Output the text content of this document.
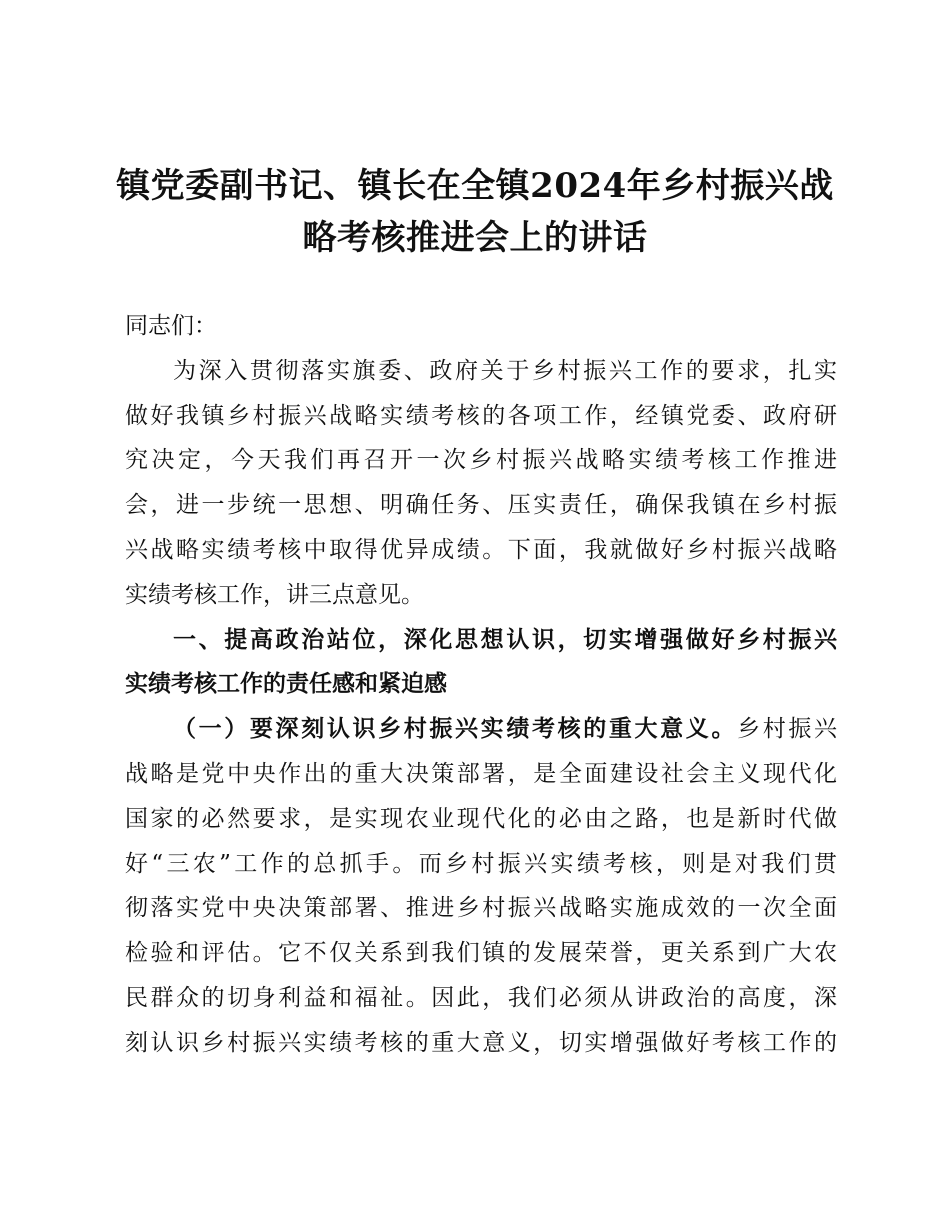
镇党委副书记、镇长在全镇2024年乡村振兴战
略考核推进会上的讲话
同志们：
为深入贯彻落实旗委、政府关于乡村振兴工作的要求，扎实
做好我镇乡村振兴战略实绩考核的各项工作，经镇党委、政府研
究决定，今天我们再召开一次乡村振兴战略实绩考核工作推进
会，进一步统一思想、明确任务、压实责任，确保我镇在乡村振
兴战略实绩考核中取得优异成绩。下面，我就做好乡村振兴战略
实绩考核工作，讲三点意见。
一、提高政治站位，深化思想认识，切实增强做好乡村振兴
实绩考核工作的责任感和紧迫感
（一）要深刻认识乡村振兴实绩考核的重大意义。乡村振兴
战略是党中央作出的重大决策部署，是全面建设社会主义现代化
国家的必然要求，是实现农业现代化的必由之路，也是新时代做
好“三农”工作的总抓手。而乡村振兴实绩考核，则是对我们贯
彻落实党中央决策部署、推进乡村振兴战略实施成效的一次全面
检验和评估。它不仅关系到我们镇的发展荣誉，更关系到广大农
民群众的切身利益和福祉。因此，我们必须从讲政治的高度，深
刻认识乡村振兴实绩考核的重大意义，切实增强做好考核工作的
